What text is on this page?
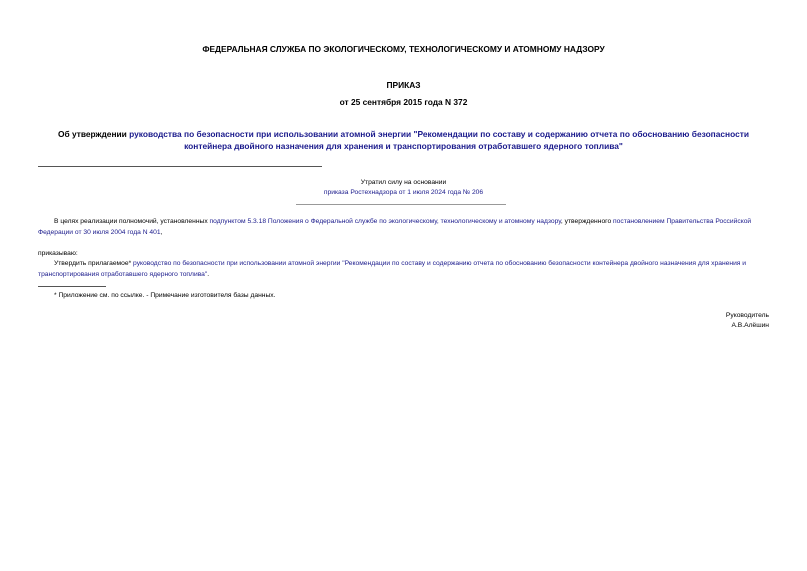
ФЕДЕРАЛЬНАЯ СЛУЖБА ПО ЭКОЛОГИЧЕСКОМУ, ТЕХНОЛОГИЧЕСКОМУ И АТОМНОМУ НАДЗОРУ
ПРИКАЗ
от 25 сентября 2015 года N 372
Об утверждении руководства по безопасности при использовании атомной энергии "Рекомендации по составу и содержанию отчета по обоснованию безопасности контейнера двойного назначения для хранения и транспортирования отработавшего ядерного топлива"
Утратил силу на основании
приказа Ростехнадзора от 1 июля 2024 года № 206
В целях реализации полномочий, установленных подпунктом 5.3.18 Положения о Федеральной службе по экологическому, технологическому и атомному надзору, утвержденного постановлением Правительства Российской Федерации от 30 июля 2004 года N 401,
приказываю:
Утвердить прилагаемое* руководство по безопасности при использовании атомной энергии "Рекомендации по составу и содержанию отчета по обоснованию безопасности контейнера двойного назначения для хранения и транспортирования отработавшего ядерного топлива".
* Приложение см. по ссылке. - Примечание изготовителя базы данных.
Руководитель
А.В.Алёшин
